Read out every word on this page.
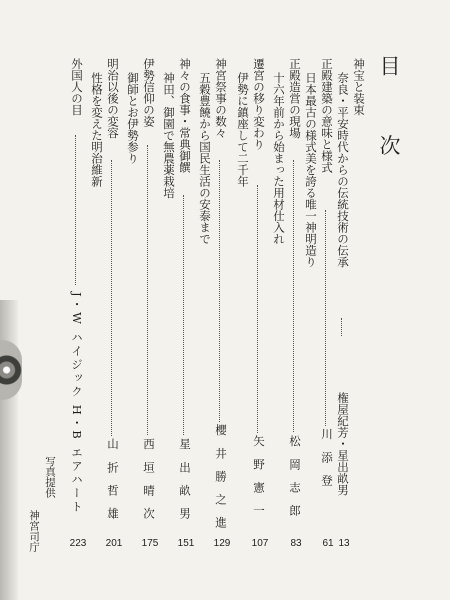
目 次
神宝と装束
奈良・平安時代からの伝統技術の伝承
権屋紀芳・星出畝男
13
正殿建築の意味と様式
川 添 登
61
日本最古の様式美を誇る唯一神明造り
正殿造営の現場
松 岡 志 郎
83
十六年前から始まった用材仕入れ
遷宮の移り変わり
矢 野 憲 一
107
伊勢に鎮座して二千年
神宮祭事の数々
櫻 井 勝 之 進
129
五穀豊饒から国民生活の安泰まで
神々の食事・常典御饌
星 出 畝 男
151
神田、御園で無農薬栽培
伊勢信仰の姿
西 垣 晴 次
175
御師とお伊勢参り
明治以後の変容
山 折 哲 雄
201
性格を変えた明治維新
外国人の目
J・W ハイジック H・B エアハート
223
写真提供
神宮司庁
